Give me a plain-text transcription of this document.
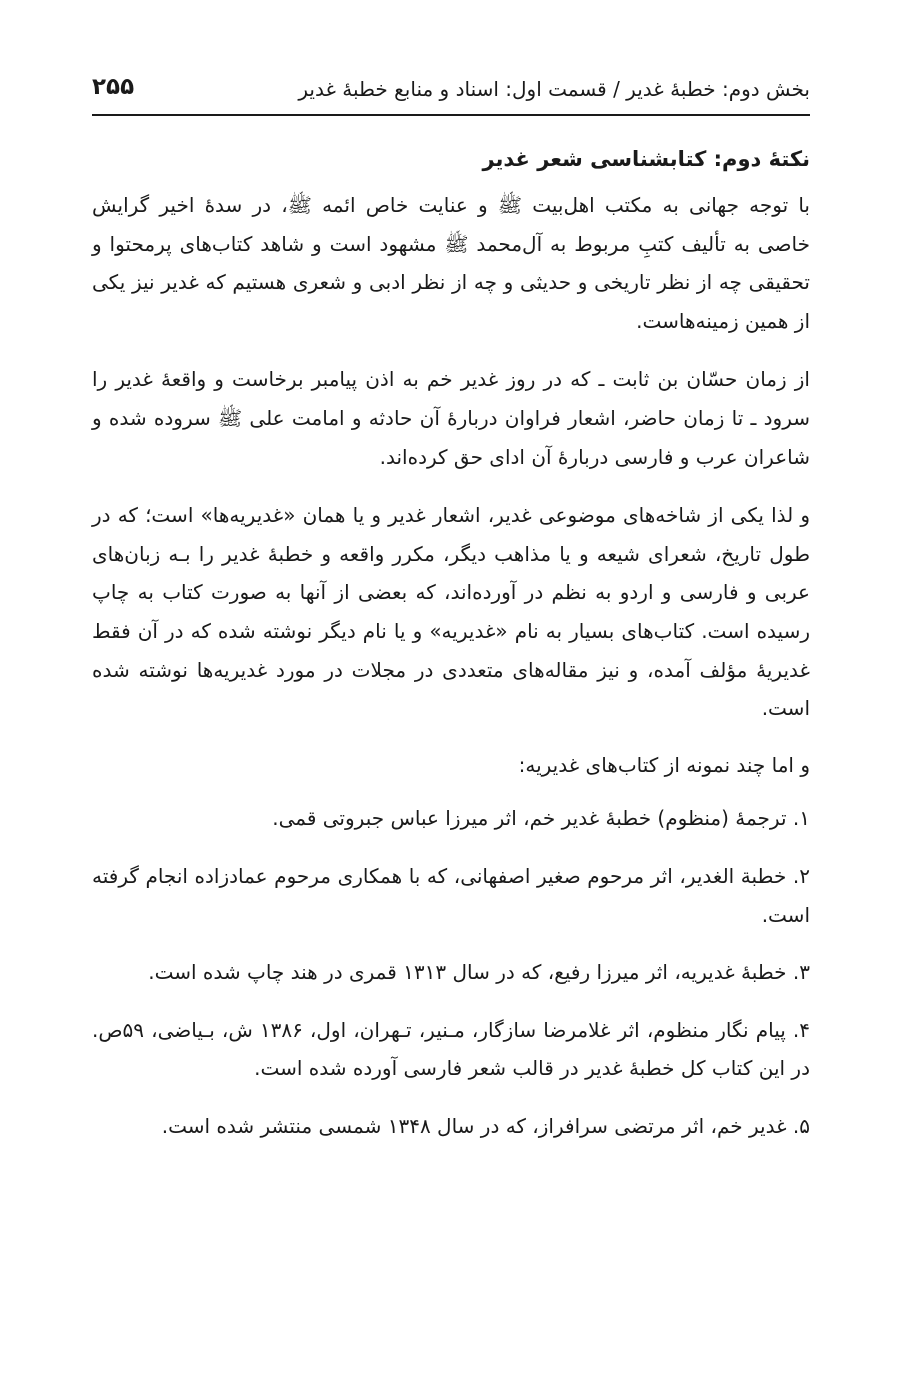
بخش دوم: خطبهٔ غدیر / قسمت اول: اسناد و منابع خطبهٔ غدیر
۲۵۵
نکتهٔ دوم: کتابشناسی شعر غدیر

با توجه جهانی به مکتب اهل‌بیت ﷺ و عنایت خاص ائمه ﷺ، در سدهٔ اخیر گرایش خاصی به تألیف کتبِ مربوط به آل‌محمد ﷺ مشهود است و شاهد کتاب‌های پرمحتوا و تحقیقی چه از نظر تاریخی و حدیثی و چه از نظر ادبی و شعری هستیم که غدیر نیز یکی از همین زمینه‌هاست.

از زمان حسّان بن ثابت ـ که در روز غدیر خم به اذن پیامبر برخاست و واقعهٔ غدیر را سرود ـ تا زمان حاضر، اشعار فراوان دربارهٔ آن حادثه و امامت علی ﷺ سروده شده و شاعران عرب و فارسی دربارهٔ آن ادای حق کرده‌اند.

و لذا یکی از شاخه‌های موضوعی غدیر، اشعار غدیر و یا همان «غدیریه‌ها» است؛ که در طول تاریخ، شعرای شیعه و یا مذاهب دیگر، مکرر واقعه و خطبهٔ غدیر را بـه زبان‌های عربی و فارسی و اردو به نظم در آورده‌اند، که بعضی از آنها به صورت کتاب به چاپ رسیده است. کتاب‌های بسیار به نام «غدیریه» و یا نام دیگر نوشته شده که در آن فقط غدیریهٔ مؤلف آمده، و نیز مقاله‌های متعددی در مجلات در مورد غدیریه‌ها نوشته شده است.

و اما چند نمونه از کتاب‌های غدیریه:

۱. ترجمهٔ (منظوم) خطبهٔ غدیر خم، اثر میرزا عباس جبروتی قمی.
۲. خطبة الغدیر، اثر مرحوم صغیر اصفهانی، که با همکاری مرحوم عمادزاده انجام گرفته است.
۳. خطبهٔ غدیریه، اثر میرزا رفیع، که در سال ۱۳۱۳ قمری در هند چاپ شده است.
۴. پیام نگار منظوم، اثر غلامرضا سازگار، مـنیر، تـهران، اول، ۱۳۸۶ ش، بـیاضی، ۵۹ص. در این کتاب کل خطبهٔ غدیر در قالب شعر فارسی آورده شده است.
۵. غدیر خم، اثر مرتضی سرافراز، که در سال ۱۳۴۸ شمسی منتشر شده است.
